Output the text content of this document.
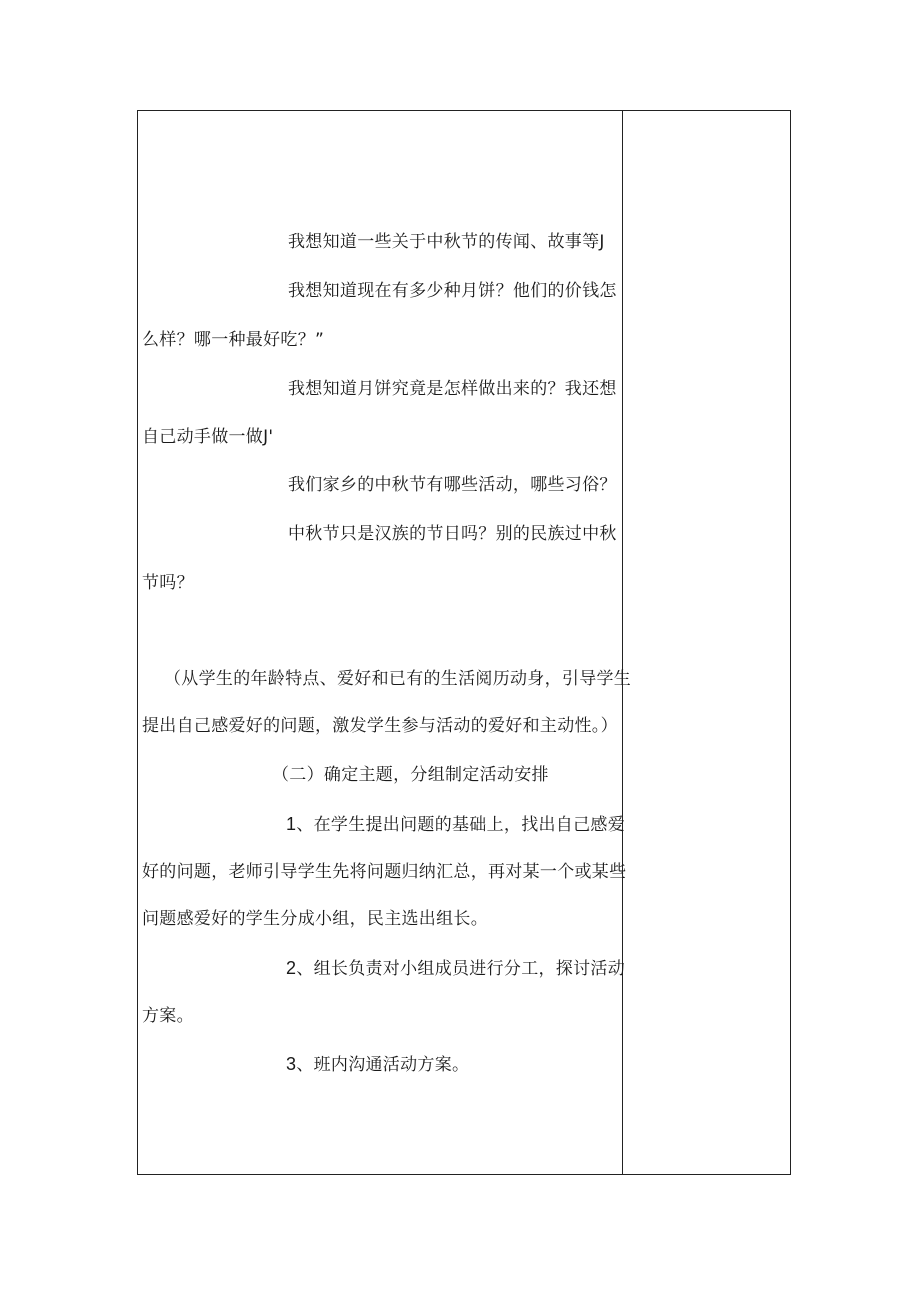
我想知道一些关于中秋节的传闻、故事等J
我想知道现在有多少种月饼？他们的价钱怎
么样？哪一种最好吃？”
我想知道月饼究竟是怎样做出来的？我还想
自己动手做一做J'
我们家乡的中秋节有哪些活动，哪些习俗？
中秋节只是汉族的节日吗？别的民族过中秋
节吗？
（从学生的年龄特点、爱好和已有的生活阅历动身，引导学生
提出自己感爱好的问题，激发学生参与活动的爱好和主动性。）
（二）确定主题，分组制定活动安排
1、在学生提出问题的基础上，找出自己感爱
好的问题，老师引导学生先将问题归纳汇总，再对某一个或某些
问题感爱好的学生分成小组，民主选出组长。
2、组长负责对小组成员进行分工，探讨活动
方案。
3、班内沟通活动方案。
